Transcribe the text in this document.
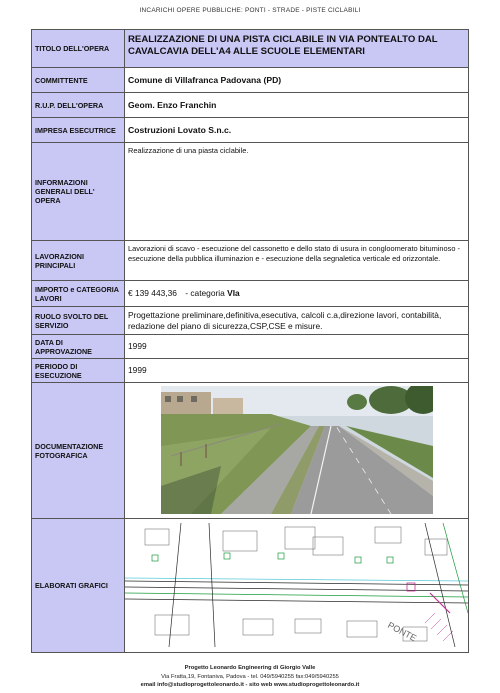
INCARICHI OPERE PUBBLICHE: PONTI - STRADE - PISTE CICLABILI
TITOLO DELL'OPERA	REALIZZAZIONE DI UNA PISTA CICLABILE IN VIA PONTEALTO DAL CAVALCAVIA DELL'A4 ALLE SCUOLE ELEMENTARI
COMMITTENTE	Comune di Villafranca Padovana (PD)
R.U.P. DELL'OPERA	Geom. Enzo Franchin
IMPRESA ESECUTRICE	Costruzioni Lovato S.n.c.
INFORMAZIONI GENERALI DELL' OPERA	Realizzazione di una piasta ciclabile.
LAVORAZIONI PRINCIPALI	Lavorazioni di scavo - esecuzione del cassonetto e dello stato di usura in congloomerato bituminoso - esecuzione della pubblica illuminazion e - esecuzione della segnaletica verticale ed orizzontale.
IMPORTO e CATEGORIA LAVORI	€ 139 443,36 - categoria VIa
RUOLO SVOLTO DEL SERVIZIO	Progettazione preliminare,definitiva,esecutiva, calcoli c.a,direzione lavori, contabilità, redazione del piano di sicurezza,CSP,CSE e misure.
DATA DI APPROVAZIONE	1999
PERIODO DI ESECUZIONE	1999
DOCUMENTAZIONE FOTOGRAFICA	

ELABORATI GRAFICI	PONTE
Progetto Leonardo Engineering di Giorgio Valle
Via Fratta,19, Fontaniva, Padova - tel. 049/5940255 fax:049/5940255
email info@studioprogettoleonardo.it - sito web www.studioprogettoleonardo.it
